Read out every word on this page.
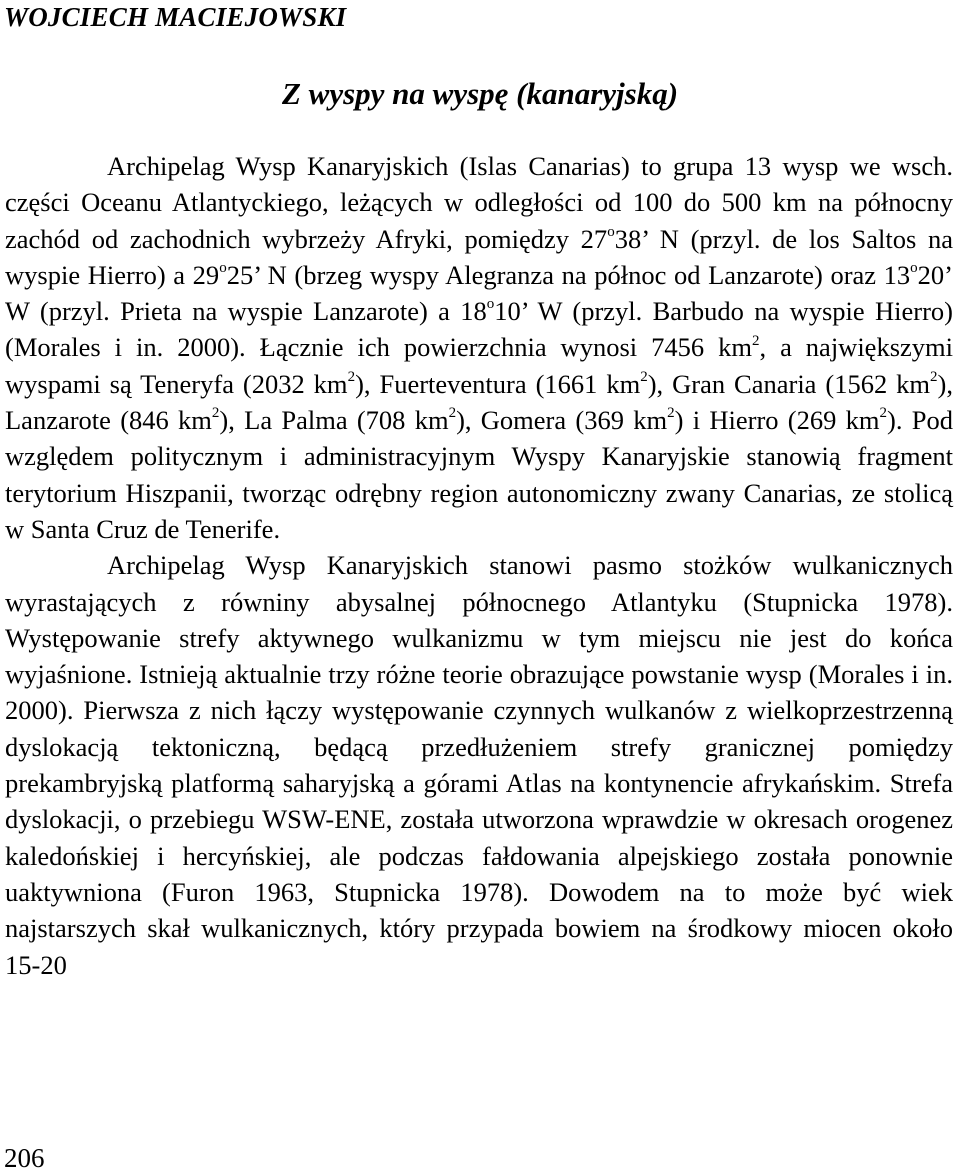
WOJCIECH MACIEJOWSKI
Z wyspy na wyspę (kanaryjską)

Archipelag Wysp Kanaryjskich (Islas Canarias) to grupa 13 wysp we wsch. części Oceanu Atlantyckiego, leżących w odległości od 100 do 500 km na północny zachód od zachodnich wybrzeży Afryki, pomiędzy 27$^o$38’ N (przyl. de los Saltos na wyspie Hierro) a 29$^o$25’ N (brzeg wyspy Alegranza na północ od Lanzarote) oraz 13$^o$20’ W (przyl. Prieta na wyspie Lanzarote) a 18$^o$10’ W (przyl. Barbudo na wyspie Hierro) (Morales i in. 2000). Łącznie ich powierzchnia wynosi 7456 $km^2$, a największymi wyspami są Teneryfa (2032 $km^2$), Fuerteventura (1661 $km^2$), Gran Canaria (1562 $km^2$), Lanzarote (846 $km^2$), La Palma (708 $km^2$), Gomera (369 $km^2$) i Hierro (269 $km^2$). Pod względem politycznym i administracyjnym Wyspy Kanaryjskie stanowią fragment terytorium Hiszpanii, tworząc odrębny region autonomiczny zwany Canarias, ze stolicą w Santa Cruz de Tenerife.

Archipelag Wysp Kanaryjskich stanowi pasmo stożków wulkanicznych wyrastających z równiny abysalnej północnego Atlantyku (Stupnicka 1978). Występowanie strefy aktywnego wulkanizmu w tym miejscu nie jest do końca wyjaśnione. Istnieją aktualnie trzy różne teorie obrazujące powstanie wysp (Morales i in. 2000). Pierwsza z nich łączy występowanie czynnych wulkanów z wielkoprzestrzenną dyslokacją tektoniczną, będącą przedłużeniem strefy granicznej pomiędzy prekambryjską platformą saharyjską a górami Atlas na kontynencie afrykańskim. Strefa dyslokacji, o przebiegu WSW-ENE, została utworzona wprawdzie w okresach orogenez kaledońskiej i hercyńskiej, ale podczas fałdowania alpejskiego została ponownie uaktywniona (Furon 1963, Stupnicka 1978). Dowodem na to może być wiek najstarszych skał wulkanicznych, który przypada bowiem na środkowy miocen około 15-20

206
